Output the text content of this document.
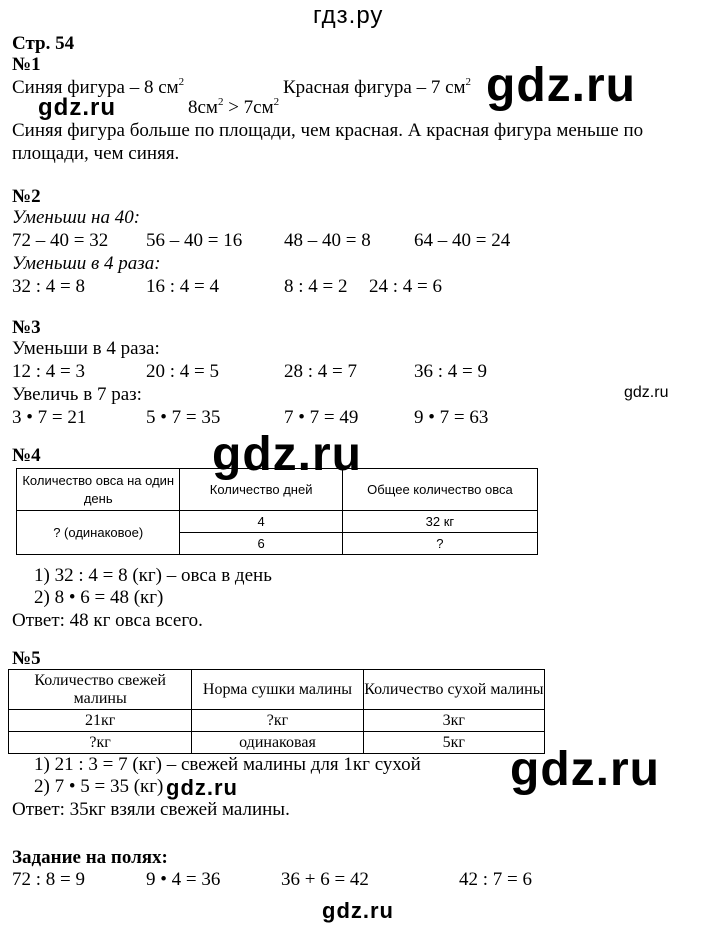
гдз.ру
gdz.ru
gdz.ru
gdz.ru
gdz.ru
gdz.ru
gdz.ru
gdz.ru
Стр. 54
№1
Синяя фигура – 8 $см^2$	Красная фигура – 7 $см^2$
$8см^2 > 7см^2$
Синяя фигура больше по площади, чем красная. А красная фигура меньше по
площади, чем синяя.
№2
Уменьши на 40:
72 – 40 = 32 56 – 40 = 16 48 – 40 = 8 64 – 40 = 24
Уменьши в 4 раза:
32 : 4 = 8	16 : 4 = 4	8 : 4 = 2 24 : 4 = 6
№3
Уменьши в 4 раза:
12 : 4 = 3	20 : 4 = 5	28 : 4 = 7	36 : 4 = 9
Увеличь в 7 раз:
3 • 7 = 21	5 • 7 = 35	7 • 7 = 49	9 • 7 = 63
№4
Количество овса на один день	Количество дней	Общее количество овса
? (одинаковое)	4	32 кг
	6	?
1) 32 : 4 = 8 (кг) – овса в день
2) 8 • 6 = 48 (кг)
Ответ: 48 кг овса всего.
№5
Количество свежей малины	Норма сушки малины	Количество сухой малины
21кг	?кг	3кг
?кг	одинаковая	5кг
1) 21 : 3 = 7 (кг) – свежей малины для 1кг сухой
2) 7 • 5 = 35 (кг)
Ответ: 35кг взяли свежей малины.
Задание на полях:
72 : 8 = 9	9 • 4 = 36	36 + 6 = 42	42 : 7 = 6
